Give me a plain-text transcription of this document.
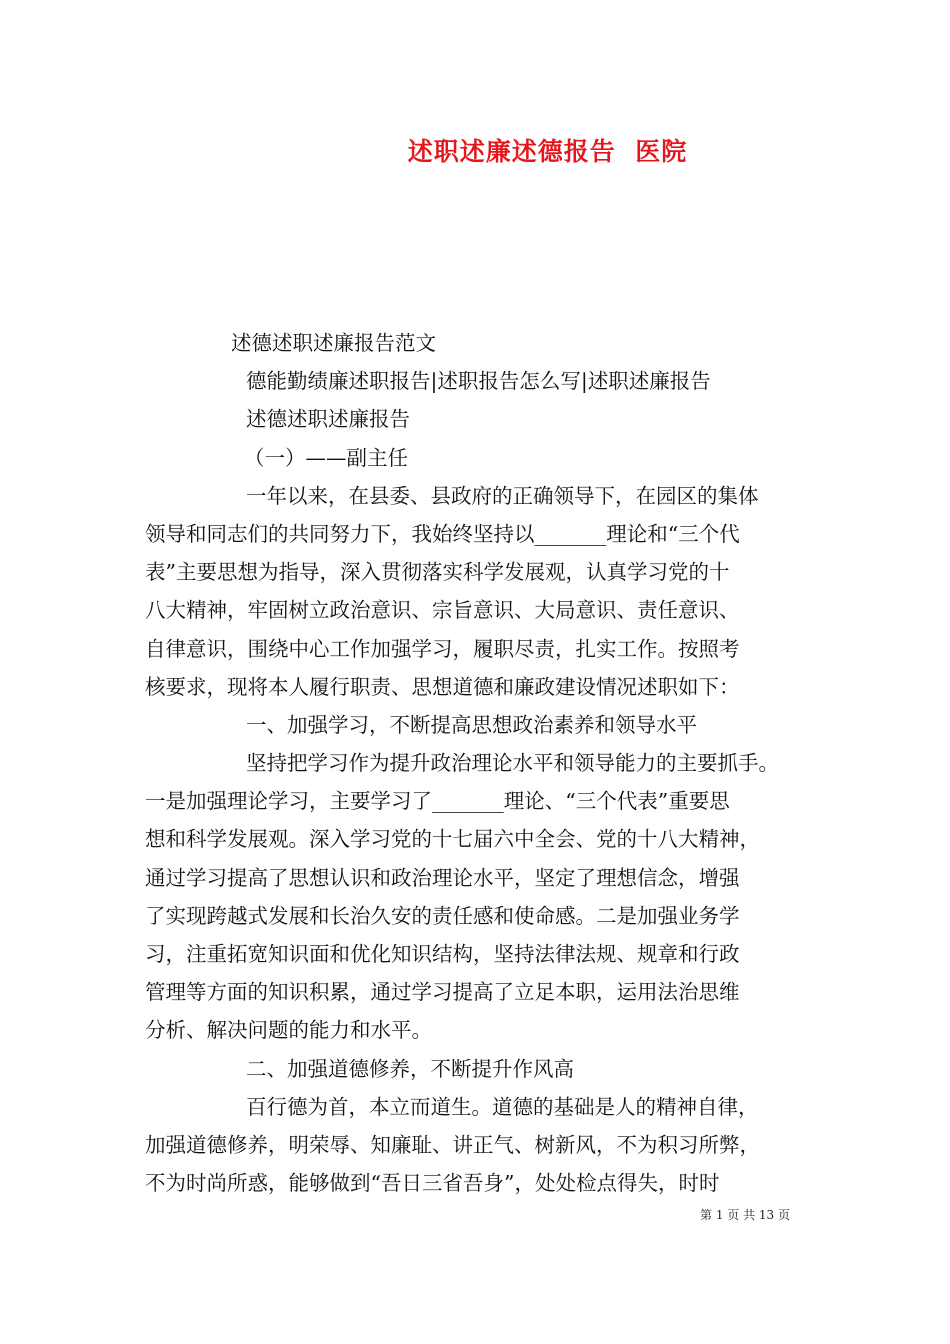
述职述廉述德报告  医院
述德述职述廉报告范文
德能勤绩廉述职报告|述职报告怎么写|述职述廉报告
述德述职述廉报告
（一）——副主任
一年以来，在县委、县政府的正确领导下，在园区的集体
领导和同志们的共同努力下，我始终坚持以_______理论和“三个代
表”主要思想为指导，深入贯彻落实科学发展观，认真学习党的十
八大精神，牢固树立政治意识、宗旨意识、大局意识、责任意识、
自律意识，围绕中心工作加强学习，履职尽责，扎实工作。按照考
核要求，现将本人履行职责、思想道德和廉政建设情况述职如下：
一、加强学习，不断提高思想政治素养和领导水平
坚持把学习作为提升政治理论水平和领导能力的主要抓手。
一是加强理论学习，主要学习了_______理论、“三个代表”重要思
想和科学发展观。深入学习党的十七届六中全会、党的十八大精神，
通过学习提高了思想认识和政治理论水平，坚定了理想信念，增强
了实现跨越式发展和长治久安的责任感和使命感。二是加强业务学
习，注重拓宽知识面和优化知识结构，坚持法律法规、规章和行政
管理等方面的知识积累，通过学习提高了立足本职，运用法治思维
分析、解决问题的能力和水平。
二、加强道德修养，不断提升作风高
百行德为首，本立而道生。道德的基础是人的精神自律，
加强道德修养，明荣辱、知廉耻、讲正气、树新风，不为积习所弊，
不为时尚所惑，能够做到“吾日三省吾身”，处处检点得失，时时
第 1 页 共 13 页
